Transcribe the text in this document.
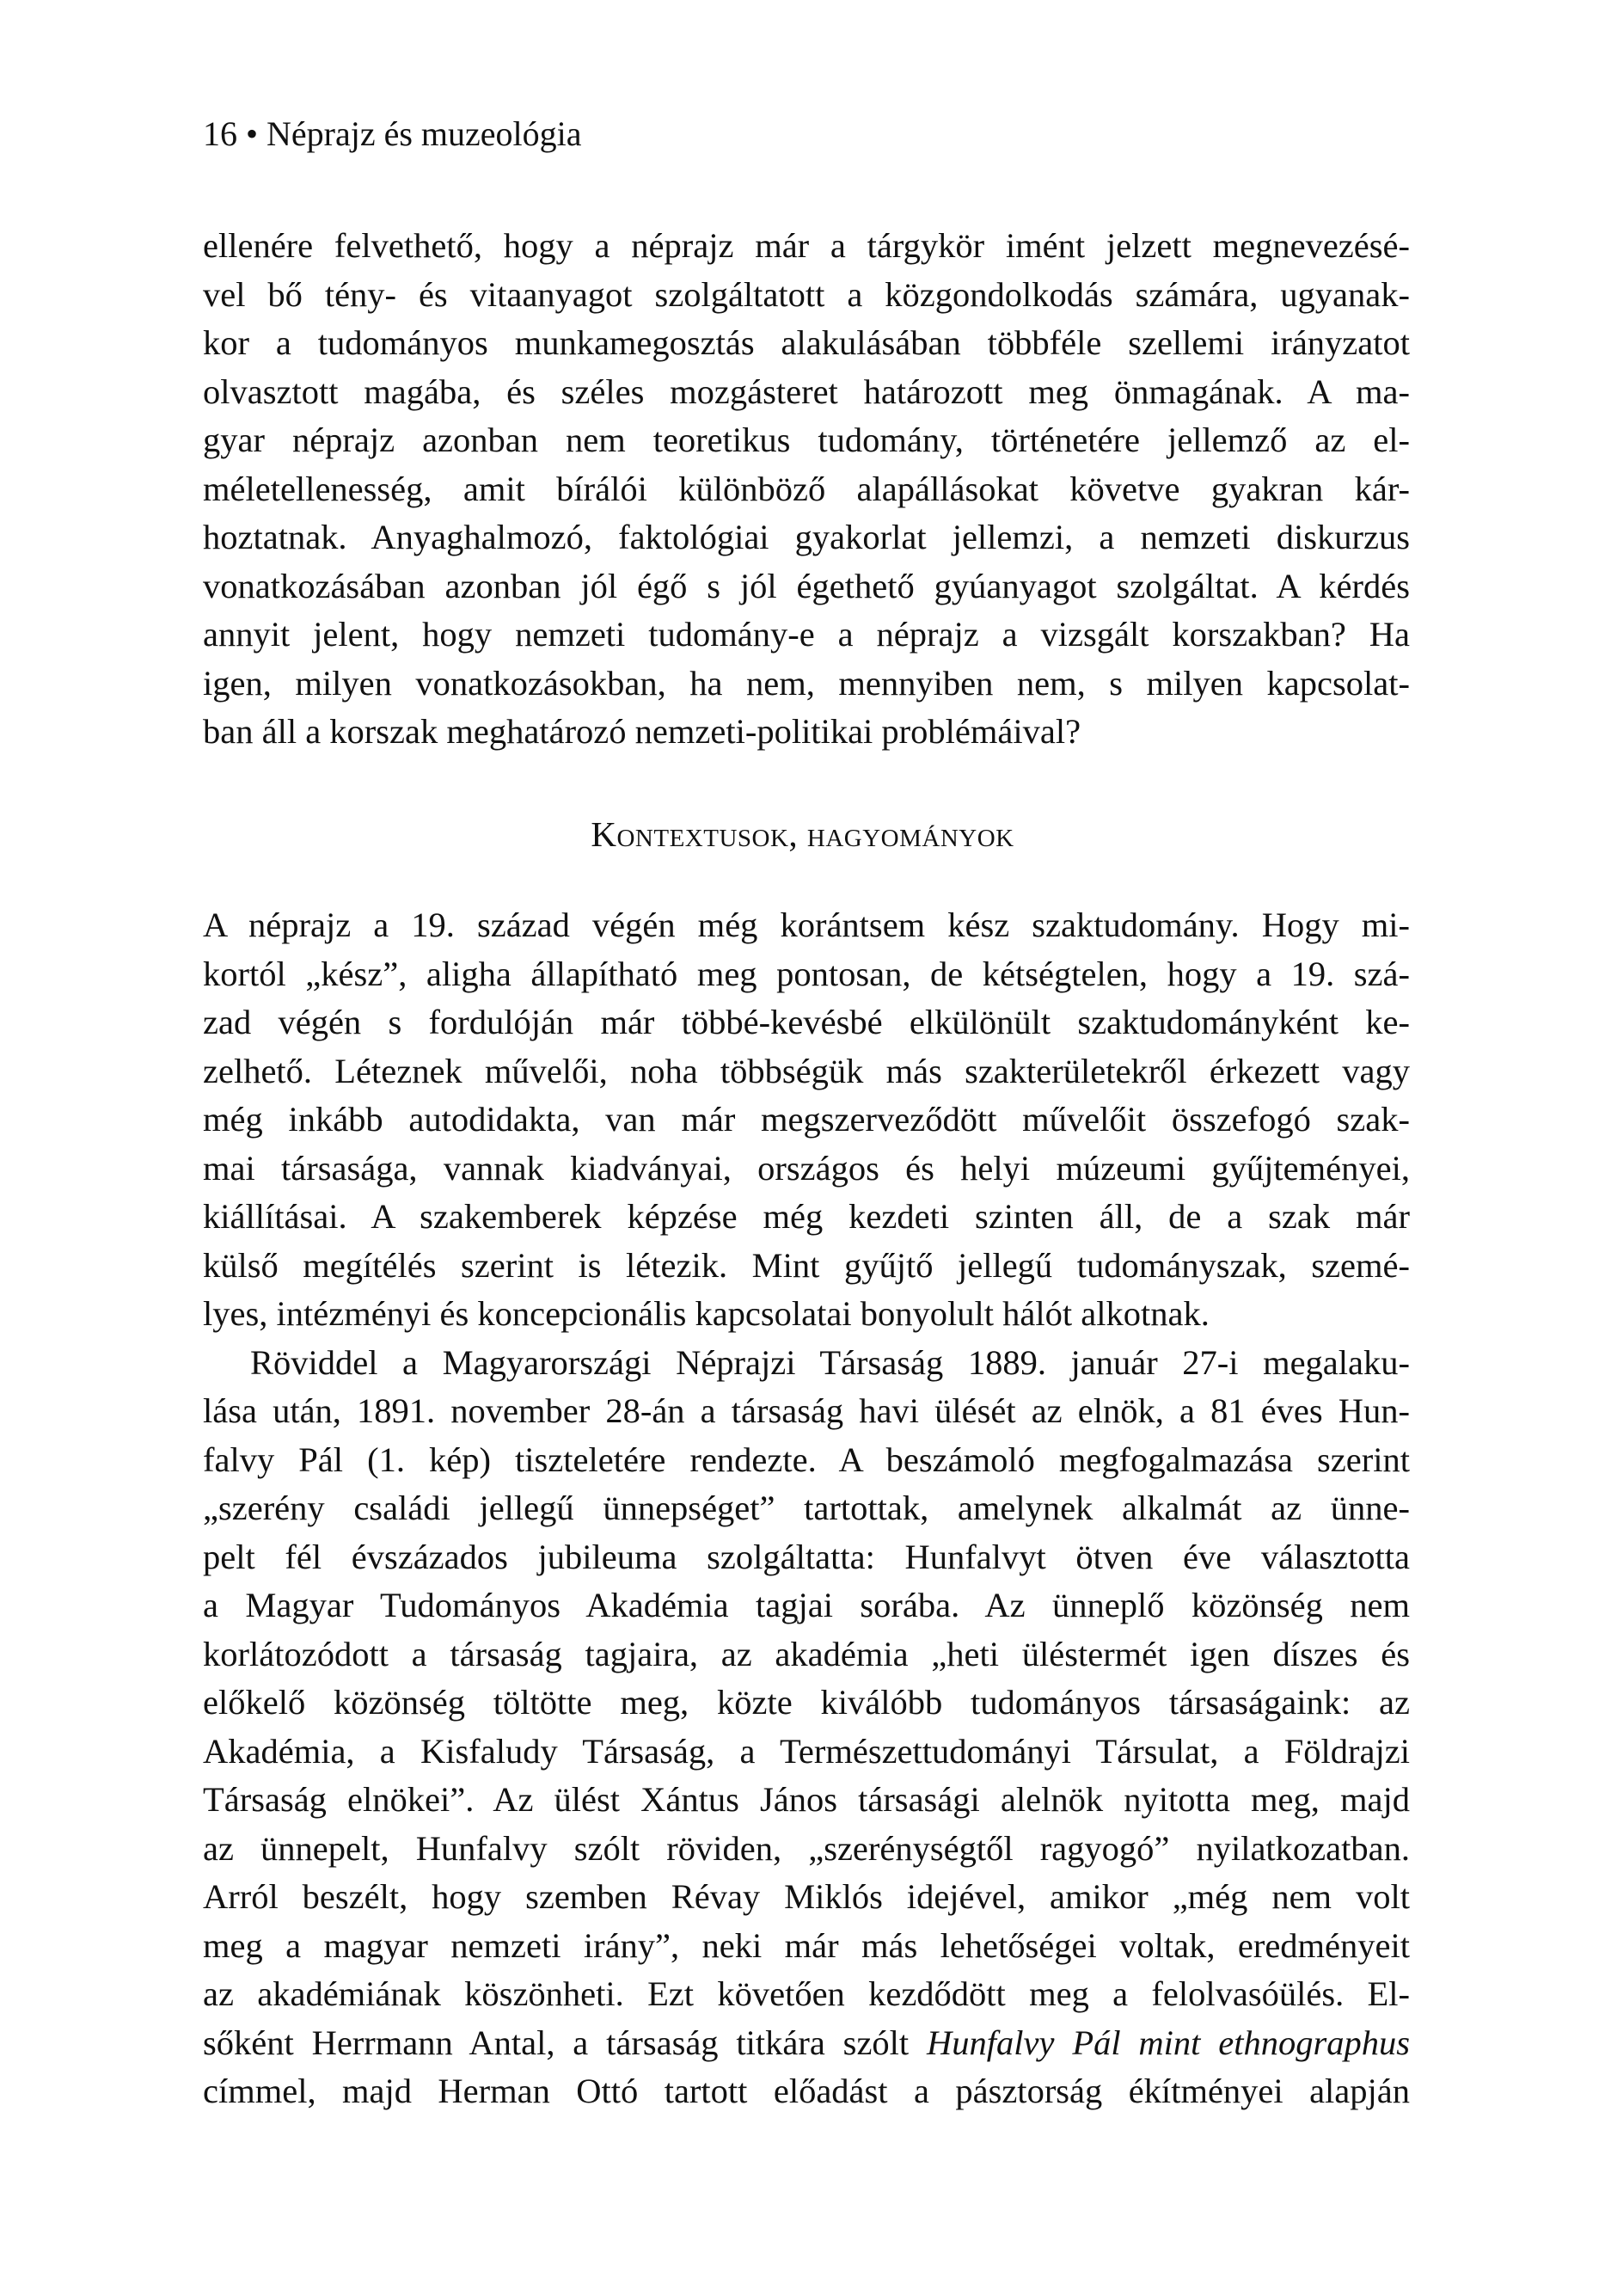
16 • Néprajz és muzeológia
ellenére felvethető, hogy a néprajz már a tárgykör imént jelzett megnevezésé-
vel bő tény- és vitaanyagot szolgáltatott a közgondolkodás számára, ugyanak-
kor a tudományos munkamegosztás alakulásában többféle szellemi irányzatot
olvasztott magába, és széles mozgásteret határozott meg önmagának. A ma-
gyar néprajz azonban nem teoretikus tudomány, történetére jellemző az el-
méletellenesség, amit bírálói különböző alapállásokat követve gyakran kár-
hoztatnak. Anyaghalmozó, faktológiai gyakorlat jellemzi, a nemzeti diskurzus
vonatkozásában azonban jól égő s jól égethető gyúanyagot szolgáltat. A kérdés
annyit jelent, hogy nemzeti tudomány-e a néprajz a vizsgált korszakban? Ha
igen, milyen vonatkozásokban, ha nem, mennyiben nem, s milyen kapcsolat-
ban áll a korszak meghatározó nemzeti-politikai problémáival?
Kontextusok, hagyományok
A néprajz a 19. század végén még korántsem kész szaktudomány. Hogy mi-
kortól „kész”, aligha állapítható meg pontosan, de kétségtelen, hogy a 19. szá-
zad végén s fordulóján már többé-kevésbé elkülönült szaktudományként ke-
zelhető. Léteznek művelői, noha többségük más szakterületekről érkezett vagy
még inkább autodidakta, van már megszerveződött művelőit összefogó szak-
mai társasága, vannak kiadványai, országos és helyi múzeumi gyűjteményei,
kiállításai. A szakemberek képzése még kezdeti szinten áll, de a szak már
külső megítélés szerint is létezik. Mint gyűjtő jellegű tudományszak, szemé-
lyes, intézményi és koncepcionális kapcsolatai bonyolult hálót alkotnak.
Röviddel a Magyarországi Néprajzi Társaság 1889. január 27-i megalaku-
lása után, 1891. november 28-án a társaság havi ülését az elnök, a 81 éves Hun-
falvy Pál (1. kép) tiszteletére rendezte. A beszámoló megfogalmazása szerint
„szerény családi jellegű ünnepséget” tartottak, amelynek alkalmát az ünne-
pelt fél évszázados jubileuma szolgáltatta: Hunfalvyt ötven éve választotta
a Magyar Tudományos Akadémia tagjai sorába. Az ünneplő közönség nem
korlátozódott a társaság tagjaira, az akadémia „heti üléstermét igen díszes és
előkelő közönség töltötte meg, közte kiválóbb tudományos társaságaink: az
Akadémia, a Kisfaludy Társaság, a Természettudományi Társulat, a Földrajzi
Társaság elnökei”. Az ülést Xántus János társasági alelnök nyitotta meg, majd
az ünnepelt, Hunfalvy szólt röviden, „szerénységtől ragyogó” nyilatkozatban.
Arról beszélt, hogy szemben Révay Miklós idejével, amikor „még nem volt
meg a magyar nemzeti irány”, neki már más lehetőségei voltak, eredményeit
az akadémiának köszönheti. Ezt követően kezdődött meg a felolvasóülés. El-
sőként Herrmann Antal, a társaság titkára szólt Hunfalvy Pál mint ethnographus
címmel, majd Herman Ottó tartott előadást a pásztorság ékítményei alapján
